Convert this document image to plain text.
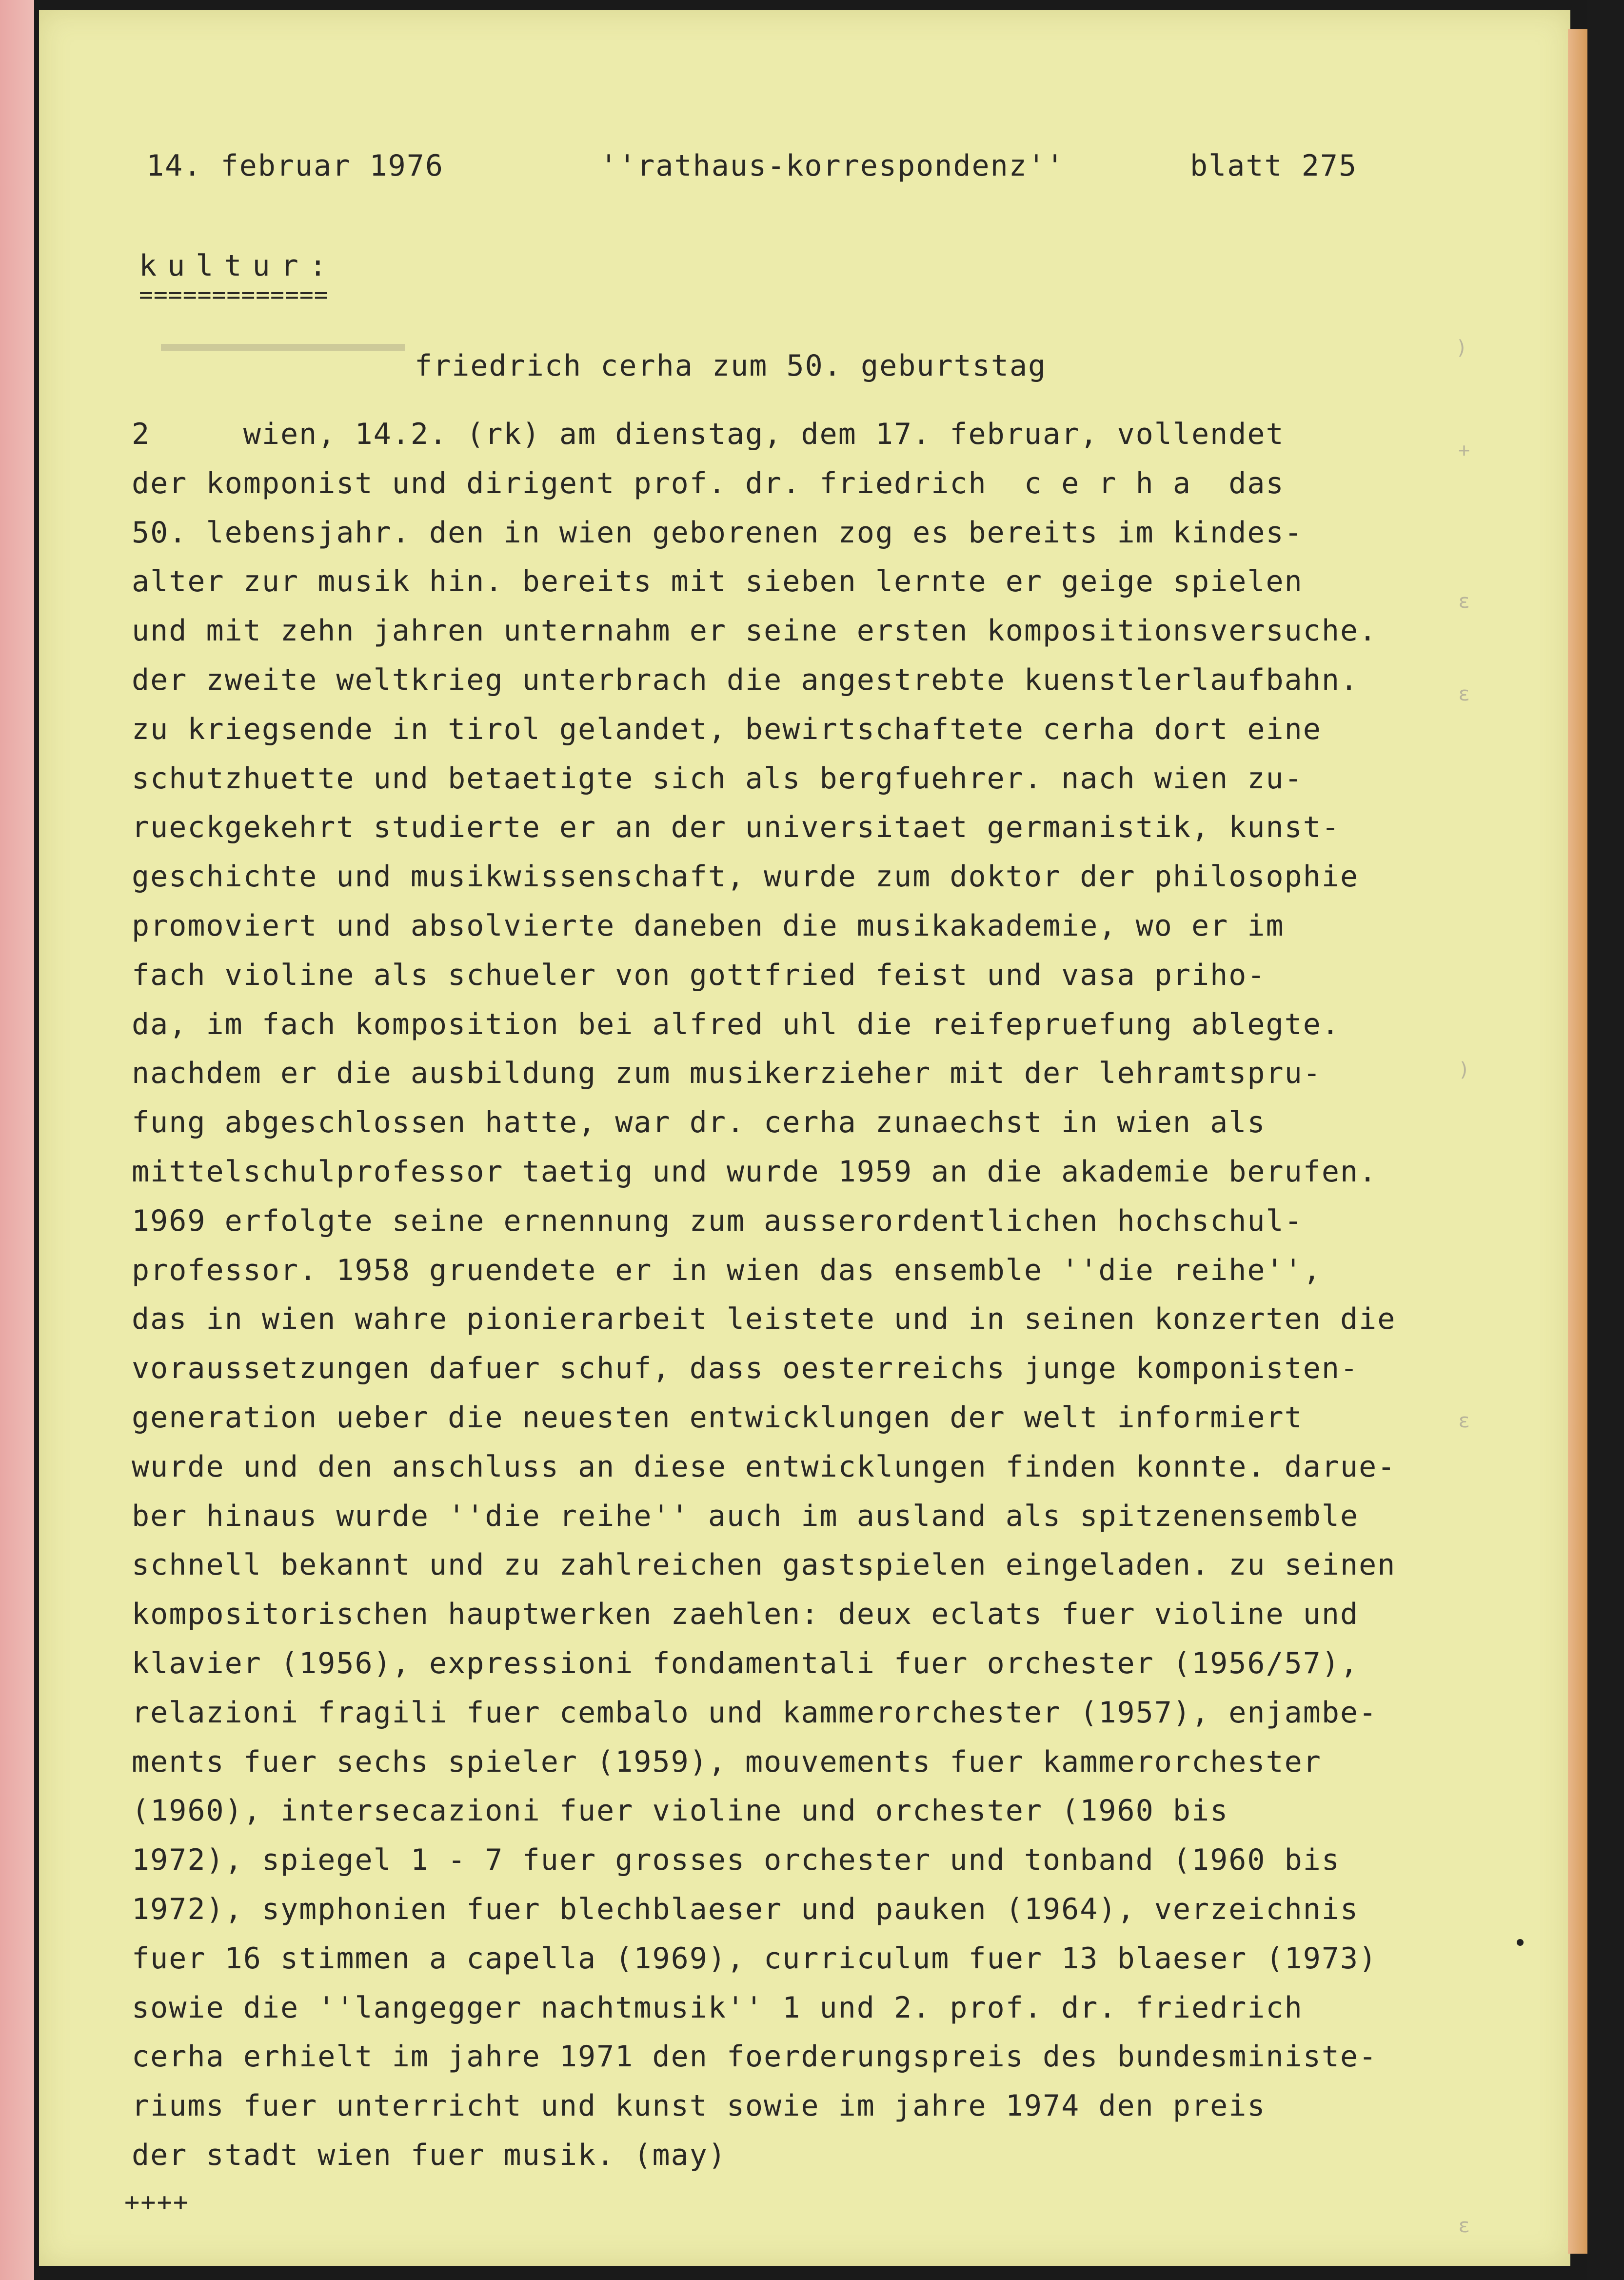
14. februar 1976	''rathaus-korrespondenz''	blatt 275
kultur:
=============
friedrich cerha zum 50. geburtstag
2     wien, 14.2. (rk) am dienstag, dem 17. februar, vollendet
der komponist und dirigent prof. dr. friedrich  c e r h a  das
50. lebensjahr. den in wien geborenen zog es bereits im kindes-
alter zur musik hin. bereits mit sieben lernte er geige spielen
und mit zehn jahren unternahm er seine ersten kompositionsversuche.
der zweite weltkrieg unterbrach die angestrebte kuenstlerlaufbahn.
zu kriegsende in tirol gelandet, bewirtschaftete cerha dort eine
schutzhuette und betaetigte sich als bergfuehrer. nach wien zu-
rueckgekehrt studierte er an der universitaet germanistik, kunst-
geschichte und musikwissenschaft, wurde zum doktor der philosophie
promoviert und absolvierte daneben die musikakademie, wo er im
fach violine als schueler von gottfried feist und vasa priho-
da, im fach komposition bei alfred uhl die reifepruefung ablegte.
nachdem er die ausbildung zum musikerzieher mit der lehramtspru-
fung abgeschlossen hatte, war dr. cerha zunaechst in wien als
mittelschulprofessor taetig und wurde 1959 an die akademie berufen.
1969 erfolgte seine ernennung zum ausserordentlichen hochschul-
professor. 1958 gruendete er in wien das ensemble ''die reihe'',
das in wien wahre pionierarbeit leistete und in seinen konzerten die
voraussetzungen dafuer schuf, dass oesterreichs junge komponisten-
generation ueber die neuesten entwicklungen der welt informiert
wurde und den anschluss an diese entwicklungen finden konnte. darue-
ber hinaus wurde ''die reihe'' auch im ausland als spitzenensemble
schnell bekannt und zu zahlreichen gastspielen eingeladen. zu seinen
kompositorischen hauptwerken zaehlen: deux eclats fuer violine und
klavier (1956), expressioni fondamentali fuer orchester (1956/57),
relazioni fragili fuer cembalo und kammerorchester (1957), enjambe-
ments fuer sechs spieler (1959), mouvements fuer kammerorchester
(1960), intersecazioni fuer violine und orchester (1960 bis
1972), spiegel 1 - 7 fuer grosses orchester und tonband (1960 bis
1972), symphonien fuer blechblaeser und pauken (1964), verzeichnis
fuer 16 stimmen a capella (1969), curriculum fuer 13 blaeser (1973)
sowie die ''langegger nachtmusik'' 1 und 2. prof. dr. friedrich
cerha erhielt im jahre 1971 den foerderungspreis des bundesministe-
riums fuer unterricht und kunst sowie im jahre 1974 den preis
der stadt wien fuer musik. (may)
++++
)
+
ε
ε
)
ε
ε
